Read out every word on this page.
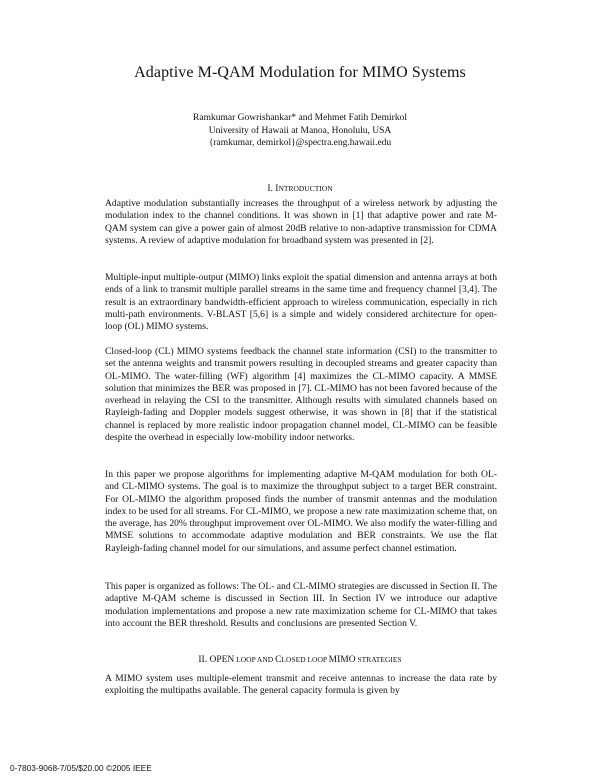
Adaptive M-QAM Modulation for MIMO Systems
Ramkumar Gowrishankar* and Mehmet Fatih Demirkol
University of Hawaii at Manoa, Honolulu, USA
{ramkumar, demirkol}@spectra.eng.hawaii.edu
I. INTRODUCTION

Adaptive modulation substantially increases the throughput of a wireless network by adjusting the modulation index to the channel conditions. It was shown in [1] that adaptive power and rate M-QAM system can give a power gain of almost 20dB relative to non-adaptive transmission for CDMA systems. A review of adaptive modulation for broadband system was presented in [2].

Multiple-input multiple-output (MIMO) links exploit the spatial dimension and antenna arrays at both ends of a link to transmit multiple parallel streams in the same time and frequency channel [3,4]. The result is an extraordinary bandwidth-efficient approach to wireless communication, especially in rich multi-path environments. V-BLAST [5,6] is a simple and widely considered architecture for open-loop (OL) MIMO systems.

Closed-loop (CL) MIMO systems feedback the channel state information (CSI) to the transmitter to set the antenna weights and transmit powers resulting in decoupled streams and greater capacity than OL-MIMO. The water-filling (WF) algorithm [4] maximizes the CL-MIMO capacity. A MMSE solution that minimizes the BER was proposed in [7]. CL-MIMO has not been favored because of the overhead in relaying the CSI to the transmitter. Although results with simulated channels based on Rayleigh-fading and Doppler models suggest otherwise, it was shown in [8] that if the statistical channel is replaced by more realistic indoor propagation channel model, CL-MIMO can be feasible despite the overhead in especially low-mobility indoor networks.

In this paper we propose algorithms for implementing adaptive M-QAM modulation for both OL- and CL-MIMO systems. The goal is to maximize the throughput subject to a target BER constraint. For OL-MIMO the algorithm proposed finds the number of transmit antennas and the modulation index to be used for all streams. For CL-MIMO, we propose a new rate maximization scheme that, on the average, has 20% throughput improvement over OL-MIMO. We also modify the water-filling and MMSE solutions to accommodate adaptive modulation and BER constraints. We use the flat Rayleigh-fading channel model for our simulations, and assume perfect channel estimation.

This paper is organized as follows: The OL- and CL-MIMO strategies are discussed in Section II. The adaptive M-QAM scheme is discussed in Section III. In Section IV we introduce our adaptive modulation implementations and propose a new rate maximization scheme for CL-MIMO that takes into account the BER threshold. Results and conclusions are presented Section V.

II. OPEN LOOP AND CLOSED LOOP MIMO STRATEGIES

A MIMO system uses multiple-element transmit and receive antennas to increase the data rate by exploiting the multipaths available. The general capacity formula is given by

0-7803-9068-7/05/$20.00 ©2005 IEEE
